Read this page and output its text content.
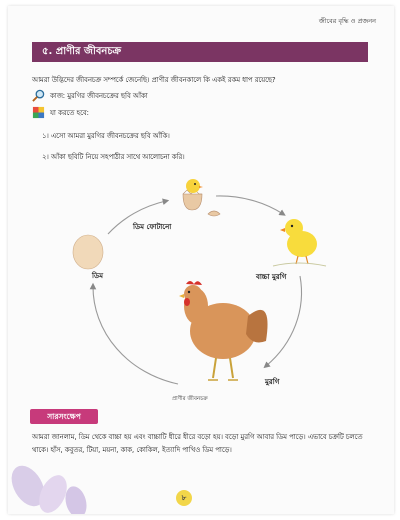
জীবের বৃদ্ধি ও প্রজনন
৫. প্রাণীর জীবনচক্র
আমরা উদ্ভিদের জীবনচক্র সম্পর্কে জেনেছি। প্রাণীর জীবনকালে কি একই রকম ধাপ রয়েছে?
কাজ: মুরগির জীবনচক্রের ছবি আঁকা
যা করতে হবে:
১। এসো আমরা মুরগির জীবনচক্রের ছবি আঁকি।
২। আঁকা ছবিটি নিয়ে সহপাঠীর সাথে আলোচনা করি।
ডিম ফোটানো
ডিম	বাচ্চা মুরগি
মুরগি
প্রাণীর জীবনচক্র
সারসংক্ষেপ
আমরা জানলাম, ডিম থেকে বাচ্চা হয় এবং বাচ্চাটি ধীরে ধীরে বড়ো হয়। বড়ো মুরগি আবার ডিম পাড়ে। এভাবে চক্রটি চলতে থাকে। হাঁস, কবুতর, টিয়া, ময়না, কাক, কোকিল, ইত্যাদি পাখিও ডিম পাড়ে।
৮
